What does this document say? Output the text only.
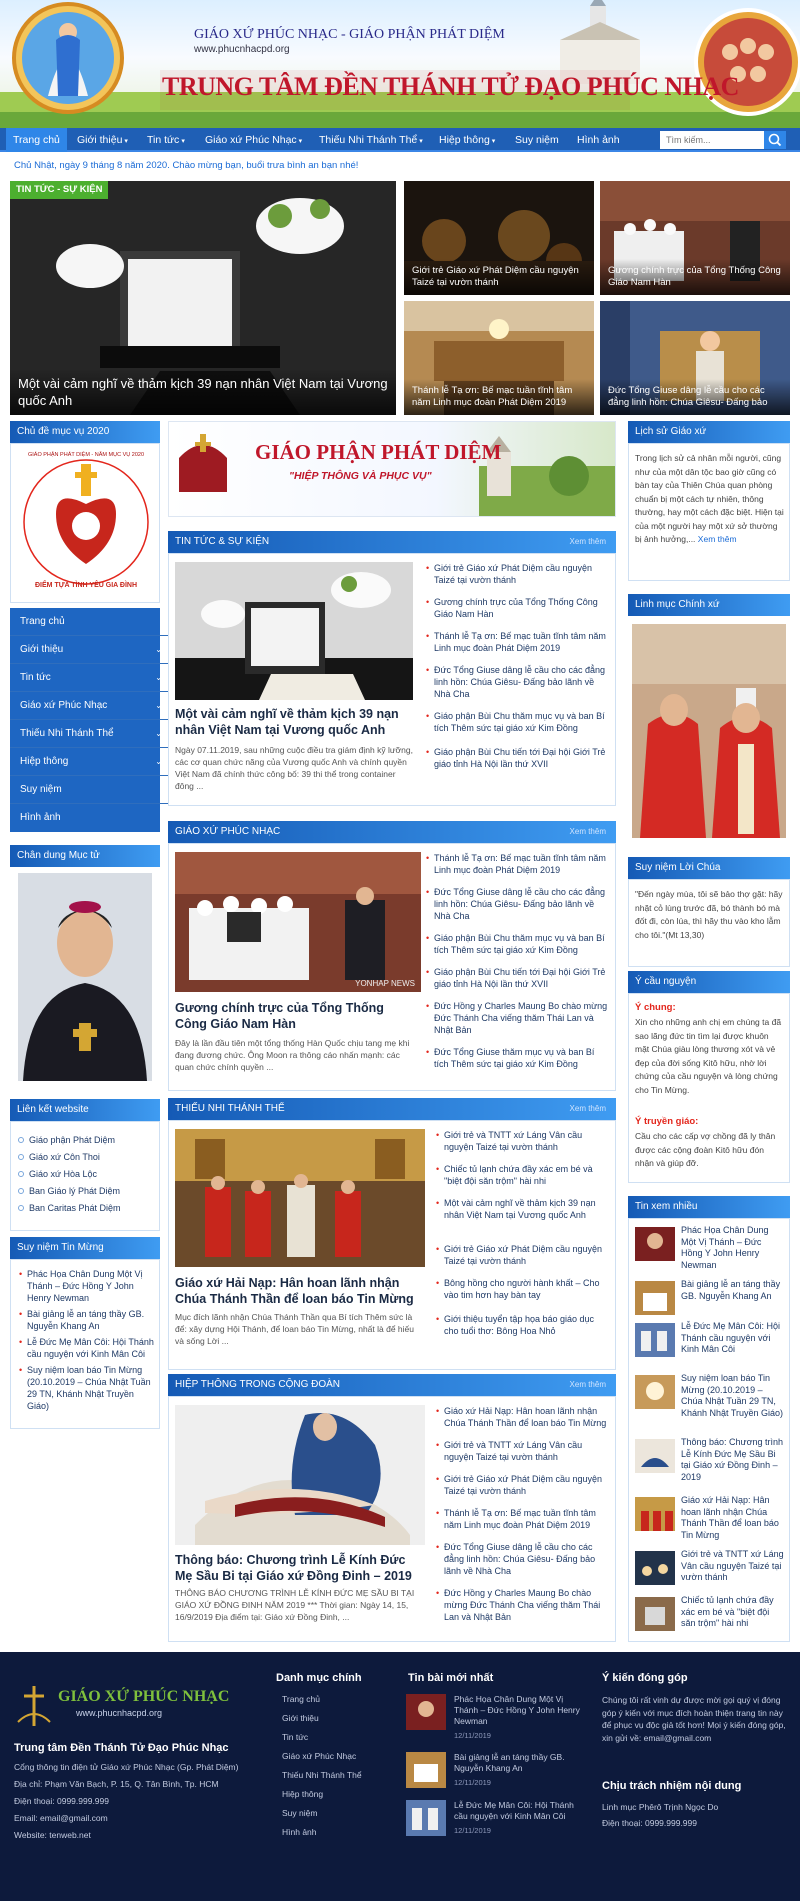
GIÁO XỨ PHÚC NHẠC - GIÁO PHẬN PHÁT DIỆM
www.phucnhacpd.org
TRUNG TÂM ĐỀN THÁNH TỬ ĐẠO PHÚC NHẠC
Trang chủ	Giới thiệu ▾	Tin tức ▾	Giáo xứ Phúc Nhạc ▾	Thiếu Nhi Thánh Thể ▾	Hiệp thông ▾	Suy niệm	Hình ảnh
Tìm kiếm...
Chủ Nhật, ngày 9 tháng 8 năm 2020. Chào mừng bạn, buổi trưa bình an bạn nhé!
TIN TỨC - SỰ KIỆN
Một vài cảm nghĩ về thảm kịch 39 nạn nhân Việt Nam tại Vương quốc Anh
Giới trẻ Giáo xứ Phát Diệm cầu nguyện Taizé tại vườn thánh
Gương chính trực của Tổng Thống Công Giáo Nam Hàn
Thánh lễ Tạ ơn: Bế mạc tuần tĩnh tâm năm Linh mục đoàn Phát Diệm 2019
Đức Tổng Giuse dâng lễ cầu cho các đẳng linh hồn: Chúa Giêsu- Đấng bảo
Chủ đề mục vụ 2020
GIÁO PHẬN PHÁT DIỆM - NĂM MỤC VỤ 2020
ĐIỂM TỰA TÌNH YÊU GIA ĐÌNH
Trang chủ
Giới thiệu	⌄
Tin tức	⌄
Giáo xứ Phúc Nhạc	⌄
Thiếu Nhi Thánh Thể	⌄
Hiệp thông	⌄
Suy niệm
Hình ảnh
Chân dung Mục tử
Liên kết website
Giáo phận Phát Diệm
Giáo xứ Côn Thoi
Giáo xứ Hòa Lộc
Ban Giáo lý Phát Diệm
Ban Caritas Phát Diệm
Suy niệm Tin Mừng
• Phác Họa Chân Dung Một Vị Thánh – Đức Hồng Y John Henry Newman
• Bài giảng lễ an táng thầy GB. Nguyễn Khang An
• Lễ Đức Mẹ Mân Côi: Hội Thánh cầu nguyện với Kinh Mân Côi
• Suy niệm loan báo Tin Mừng (20.10.2019 – Chúa Nhật Tuần 29 TN, Khánh Nhật Truyền Giáo)
GIÁO PHẬN PHÁT DIỆM
"HIỆP THÔNG VÀ PHỤC VỤ"
TIN TỨC & SỰ KIỆN	Xem thêm
Một vài cảm nghĩ về thảm kịch 39 nạn nhân Việt Nam tại Vương quốc Anh
Ngày 07.11.2019, sau những cuộc điều tra giám định kỹ lưỡng, các cơ quan chức năng của Vương quốc Anh và chính quyền Việt Nam đã chính thức công bố: 39 thi thể trong container đông ...
• Giới trẻ Giáo xứ Phát Diệm cầu nguyện Taizé tại vườn thánh
• Gương chính trực của Tổng Thống Công Giáo Nam Hàn
• Thánh lễ Tạ ơn: Bế mạc tuần tĩnh tâm năm Linh mục đoàn Phát Diệm 2019
• Đức Tổng Giuse dâng lễ cầu cho các đẳng linh hồn: Chúa Giêsu- Đấng bảo lãnh về Nhà Cha
• Giáo phận Bùi Chu thăm mục vụ và ban Bí tích Thêm sức tại giáo xứ Kim Đồng
• Giáo phận Bùi Chu tiến tới Đại hội Giới Trẻ giáo tỉnh Hà Nội lần thứ XVII
GIÁO XỨ PHÚC NHẠC	Xem thêm
YONHAP NEWS
Gương chính trực của Tổng Thống Công Giáo Nam Hàn
Đây là lần đầu tiên một tổng thống Hàn Quốc chịu tang mẹ khi đang đương chức. Ông Moon ra thông cáo nhấn mạnh: các quan chức chính quyền ...
• Thánh lễ Tạ ơn: Bế mạc tuần tĩnh tâm năm Linh mục đoàn Phát Diệm 2019
• Đức Tổng Giuse dâng lễ cầu cho các đẳng linh hồn: Chúa Giêsu- Đấng bảo lãnh về Nhà Cha
• Giáo phận Bùi Chu thăm mục vụ và ban Bí tích Thêm sức tại giáo xứ Kim Đồng
• Giáo phận Bùi Chu tiến tới Đại hội Giới Trẻ giáo tỉnh Hà Nội lần thứ XVII
• Đức Hồng y Charles Maung Bo chào mừng Đức Thánh Cha viếng thăm Thái Lan và Nhật Bản
• Đức Tổng Giuse thăm mục vụ và ban Bí tích Thêm sức tại giáo xứ Kim Đồng
THIẾU NHI THÁNH THỂ	Xem thêm
Giáo xứ Hải Nạp: Hân hoan lãnh nhận Chúa Thánh Thần để loan báo Tin Mừng
Mục đích lãnh nhận Chúa Thánh Thần qua Bí tích Thêm sức là để: xây dựng Hội Thánh, để loan báo Tin Mừng, nhất là để hiếu và sống Lời ...
• Giới trẻ và TNTT xứ Láng Vân cầu nguyện Taizé tại vườn thánh
• Chiếc tủ lạnh chứa đầy xác em bé và "biệt đội săn trộm" hài nhi
• Một vài cảm nghĩ về thảm kịch 39 nạn nhân Việt Nam tại Vương quốc Anh
• Giới trẻ Giáo xứ Phát Diệm cầu nguyện Taizé tại vườn thánh
• Bông hồng cho người hành khất – Cho vào tim hơn hay bàn tay
• Giới thiệu tuyển tập họa báo giáo dục cho tuổi thơ: Bông Hoa Nhỏ
HIỆP THÔNG TRONG CỘNG ĐOÀN	Xem thêm
Thông báo: Chương trình Lễ Kính Đức Mẹ Sầu Bi tại Giáo xứ Đồng Đinh – 2019
THÔNG BÁO CHƯƠNG TRÌNH LỄ KÍNH ĐỨC MẸ SẦU BI TẠI GIÁO XỨ ĐỒNG ĐINH NĂM 2019 *** Thời gian: Ngày 14, 15, 16/9/2019 Địa điểm tại: Giáo xứ Đồng Đinh, ...
• Giáo xứ Hải Nạp: Hân hoan lãnh nhận Chúa Thánh Thần để loan báo Tin Mừng
• Giới trẻ và TNTT xứ Láng Vân cầu nguyện Taizé tại vườn thánh
• Giới trẻ Giáo xứ Phát Diệm cầu nguyện Taizé tại vườn thánh
• Thánh lễ Tạ ơn: Bế mạc tuần tĩnh tâm năm Linh mục đoàn Phát Diệm 2019
• Đức Tổng Giuse dâng lễ cầu cho các đẳng linh hồn: Chúa Giêsu- Đấng bảo lãnh về Nhà Cha
• Đức Hồng y Charles Maung Bo chào mừng Đức Thánh Cha viếng thăm Thái Lan và Nhật Bản
Lịch sử Giáo xứ
Trong lịch sử cả nhân mỗi người, cũng như của một dân tộc bao giờ cũng có bàn tay của Thiên Chúa quan phòng chuẩn bị một cách tự nhiên, thông thường, hay một cách đặc biệt. Hiện tại của một người hay một xứ sở thường bị ảnh hưởng,... Xem thêm
Linh mục Chính xứ
Suy niệm Lời Chúa
"Đến ngày mùa, tôi sẽ bảo thợ gặt: hãy nhặt cỏ lùng trước đã, bó thành bó mà đốt đi, còn lúa, thì hãy thu vào kho lẫm cho tôi."(Mt 13,30)
Ý cầu nguyện
Ý chung:
Xin cho những anh chị em chúng ta đã sao lãng đức tin tìm lại được khuôn mặt Chúa giàu lòng thương xót và vẻ đẹp của đời sống Kitô hữu, nhờ lời chứng của cầu nguyện và lòng chứng cho Tin Mừng.
Ý truyền giáo:
Cầu cho các cấp vợ chồng đã ly thân được các cộng đoàn Kitô hữu đón nhận và giúp đỡ.
Tin xem nhiều
Phác Họa Chân Dung Một Vị Thánh – Đức Hồng Y John Henry Newman
Bài giảng lễ an táng thầy GB. Nguyễn Khang An
Lễ Đức Mẹ Mân Côi: Hội Thánh cầu nguyện với Kinh Mân Côi
Suy niệm loan báo Tin Mừng (20.10.2019 – Chúa Nhật Tuần 29 TN, Khánh Nhật Truyền Giáo)
Thông báo: Chương trình Lễ Kính Đức Mẹ Sầu Bi tại Giáo xứ Đồng Đinh – 2019
Giáo xứ Hải Nạp: Hân hoan lãnh nhận Chúa Thánh Thần để loan báo Tin Mừng
Giới trẻ và TNTT xứ Láng Vân cầu nguyện Taizé tại vườn thánh
Chiếc tủ lạnh chứa đầy xác em bé và "biệt đội săn trộm" hài nhi
GIÁO XỨ PHÚC NHẠC
www.phucnhacpd.org
Trung tâm Đền Thánh Tử Đạo Phúc Nhạc
Cổng thông tin điện tử Giáo xứ Phúc Nhạc (Gp. Phát Diệm)
Địa chỉ: Phạm Văn Bạch, P. 15, Q. Tân Bình, Tp. HCM
Điện thoại: 0999.999.999
Email: email@gmail.com
Website: tenweb.net
Danh mục chính
Trang chủ
Giới thiệu
Tin tức
Giáo xứ Phúc Nhạc
Thiếu Nhi Thánh Thể
Hiệp thông
Suy niệm
Hình ảnh
Tin bài mới nhất
Phác Họa Chân Dung Một Vị Thánh – Đức Hồng Y John Henry Newman
12/11/2019
Bài giảng lễ an táng thầy GB. Nguyễn Khang An
12/11/2019
Lễ Đức Mẹ Mân Côi: Hội Thánh cầu nguyện với Kinh Mân Côi
12/11/2019
Ý kiến đóng góp
Chúng tôi rất vinh dự được mời gọi quý vị đóng góp ý kiến với mục đích hoàn thiện trang tin này để phục vụ độc giả tốt hơn! Mọi ý kiến đóng góp, xin gửi về: email@gmail.com
Chịu trách nhiệm nội dung
Linh mục Phêrô Trịnh Ngọc Do
Điện thoại: 0999.999.999
